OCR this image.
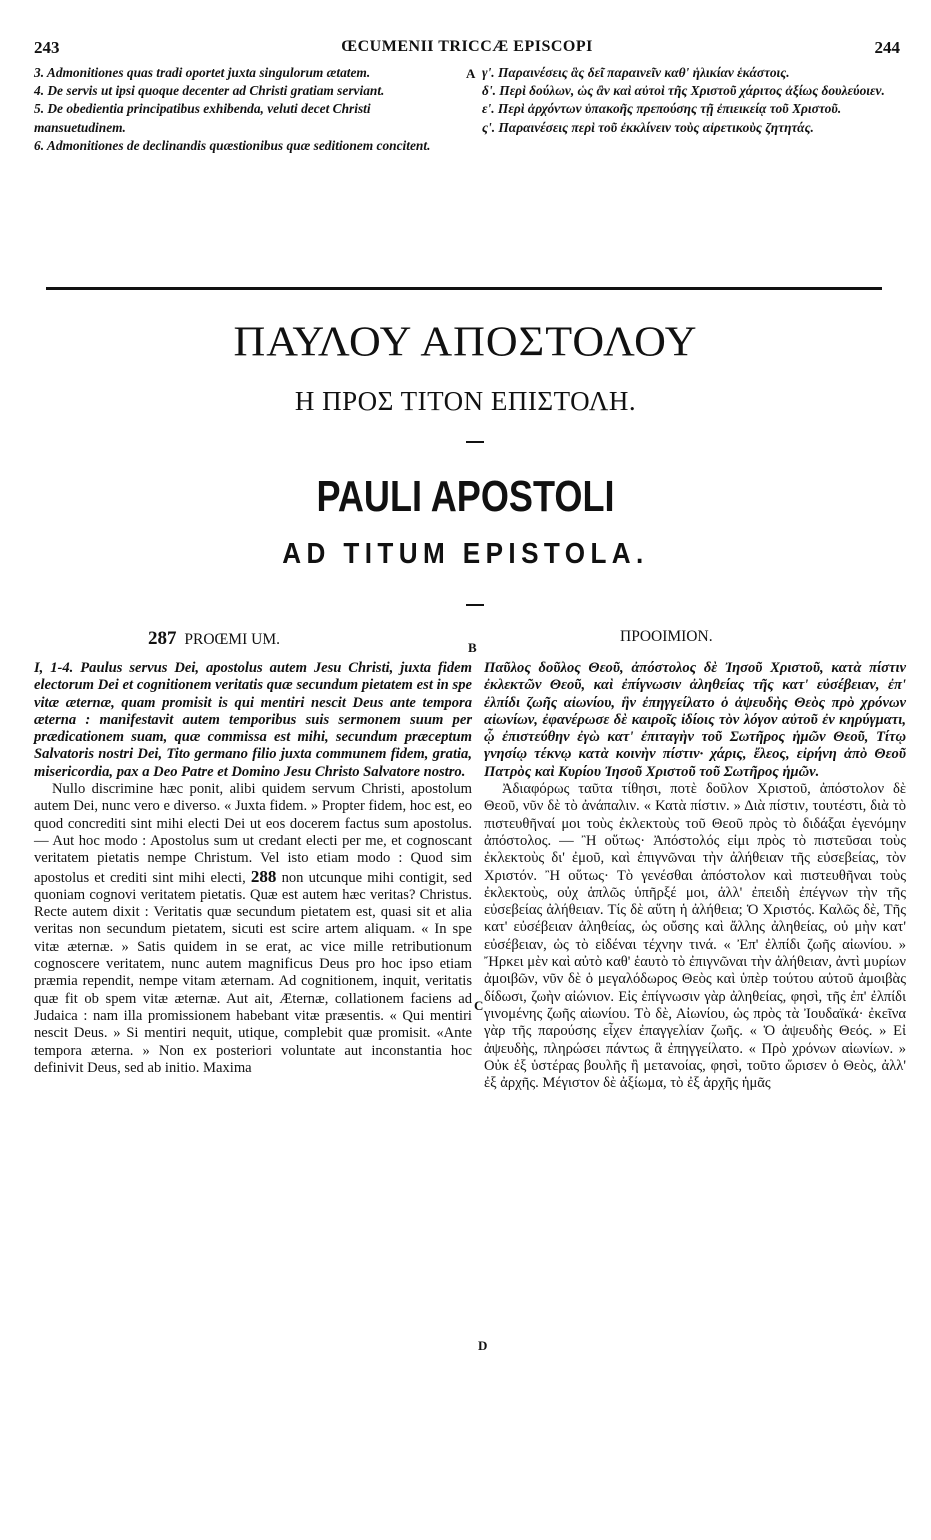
243	ŒCUMENII TRICCÆ EPISCOPI	244

3. Admonitiones quas tradi oportet juxta singulorum ætatem.

4. De servis ut ipsi quoque decenter ad Christi gratiam serviant.

5. De obedientia principatibus exhibenda, veluti decet Christi mansuetudinem.

6. Admonitiones de declinandis quæstionibus quæ seditionem concitent.

A γ'. Παραινέσεις ἃς δεῖ παραινεῖν καθ' ἡλικίαν ἑκάστοις.

δ'. Περὶ δούλων, ὡς ἂν καὶ αὐτοὶ τῆς Χριστοῦ χάριτος ἀξίως δουλεύοιεν.

ε'. Περὶ ἀρχόντων ὑπακοῆς πρεπούσης τῇ ἐπιεικείᾳ τοῦ Χριστοῦ.

ς'. Παραινέσεις περὶ τοῦ ἐκκλίνειν τοὺς αἱρετικοὺς ζητητάς.

ΠΑΥΛΟΥ ΑΠΟΣΤΟΛΟΥ
Η ΠΡΟΣ ΤΙΤΟΝ ΕΠΙΣΤΟΛΗ.
PAULI APOSTOLI
AD TITUM EPISTOLA.
287 PROŒMI UM.	B
ΠΡΟΟΙΜΙΟΝ.

I, 1-4. Paulus servus Dei, apostolus autem Jesu Christi, juxta fidem electorum Dei et cognitionem veritatis quæ secundum pietatem est in spe vitæ æternæ, quam promisit is qui mentiri nescit Deus ante tempora æterna : manifestavit autem temporibus suis sermonem suum per prædicationem suam, quæ commissa est mihi, secundum præceptum Salvatoris nostri Dei, Tito germano filio juxta communem fidem, gratia, misericordia, pax a Deo Patre et Domino Jesu Christo Salvatore nostro.

Nullo discrimine hæc ponit, alibi quidem servum Christi, apostolum autem Dei, nunc vero e diverso. « Juxta fidem. » Propter fidem, hoc est, eo quod concrediti sint mihi electi Dei ut eos docerem factus sum apostolus. — Aut hoc modo : Apostolus sum ut credant electi per me, et cognoscant veritatem pietatis nempe Christum. Vel isto etiam modo : Quod sim apostolus et crediti sint mihi electi, 288 non utcunque mihi contigit, sed quoniam cognovi veritatem pietatis. Quæ est autem hæc veritas? Christus. Recte autem dixit : Veritatis quæ secundum pietatem est, quasi sit et alia veritas non secundum pietatem, sicuti est scire artem aliquam. « In spe vitæ æternæ. » Satis quidem in se erat, ac vice mille retributionum cognoscere veritatem, nunc autem magnificus Deus pro hoc ipso etiam præmia rependit, nempe vitam æternam. Ad cognitionem, inquit, veritatis quæ fit ob spem vitæ æternæ. Aut ait, Æternæ, collationem faciens ad Judaica : nam illa promissionem habebant vitæ præsentis. « Qui mentiri nescit Deus. » Si mentiri nequit, utique, complebit quæ promisit. «Ante tempora æterna. » Non ex posteriori voluntate aut inconstantia hoc definivit Deus, sed ab initio. Maxima

C
D

Παῦλος δοῦλος Θεοῦ, ἀπόστολος δὲ Ἰησοῦ Χριστοῦ, κατὰ πίστιν ἐκλεκτῶν Θεοῦ, καὶ ἐπίγνωσιν ἀληθείας τῆς κατ' εὐσέβειαν, ἐπ' ἐλπίδι ζωῆς αἰωνίου, ἣν ἐπηγγείλατο ὁ ἀψευδὴς Θεὸς πρὸ χρόνων αἰωνίων, ἐφανέρωσε δὲ καιροῖς ἰδίοις τὸν λόγον αὐτοῦ ἐν κηρύγματι, ᾧ ἐπιστεύθην ἐγὼ κατ' ἐπιταγὴν τοῦ Σωτῆρος ἡμῶν Θεοῦ, Τίτῳ γνησίῳ τέκνῳ κατὰ κοινὴν πίστιν· χάρις, ἔλεος, εἰρήνη ἀπὸ Θεοῦ Πατρὸς καὶ Κυρίου Ἰησοῦ Χριστοῦ τοῦ Σωτῆρος ἡμῶν.

Ἀδιαφόρως ταῦτα τίθησι, ποτὲ δοῦλον Χριστοῦ, ἀπόστολον δὲ Θεοῦ, νῦν δὲ τὸ ἀνάπαλιν. « Κατὰ πίστιν. » Διὰ πίστιν, τουτέστι, διὰ τὸ πιστευθῆναί μοι τοὺς ἐκλεκτοὺς τοῦ Θεοῦ πρὸς τὸ διδάξαι ἐγενόμην ἀπόστολος. — Ἢ οὕτως· Ἀπόστολός εἰμι πρὸς τὸ πιστεῦσαι τοὺς ἐκλεκτοὺς δι' ἐμοῦ, καὶ ἐπιγνῶναι τὴν ἀλήθειαν τῆς εὐσεβείας, τὸν Χριστόν. Ἢ οὕτως· Τὸ γενέσθαι ἀπόστολον καὶ πιστευθῆναι τοὺς ἐκλεκτοὺς, οὐχ ἁπλῶς ὑπῆρξέ μοι, ἀλλ' ἐπειδὴ ἐπέγνων τὴν τῆς εὐσεβείας ἀλήθειαν. Τίς δὲ αὕτη ἡ ἀλήθεια; Ὁ Χριστός. Καλῶς δὲ, Τῆς κατ' εὐσέβειαν ἀληθείας, ὡς οὔσης καὶ ἄλλης ἀληθείας, οὐ μὴν κατ' εὐσέβειαν, ὡς τὸ εἰδέναι τέχνην τινά. « Ἐπ' ἐλπίδι ζωῆς αἰωνίου. » Ἤρκει μὲν καὶ αὐτὸ καθ' ἑαυτὸ τὸ ἐπιγνῶναι τὴν ἀλήθειαν, ἀντὶ μυρίων ἀμοιβῶν, νῦν δὲ ὁ μεγαλόδωρος Θεὸς καὶ ὑπὲρ τούτου αὐτοῦ ἀμοιβὰς δίδωσι, ζωὴν αἰώνιον. Εἰς ἐπίγνωσιν γὰρ ἀληθείας, φησὶ, τῆς ἐπ' ἐλπίδι γινομένης ζωῆς αἰωνίου. Τὸ δὲ, Αἰωνίου, ὡς πρὸς τὰ Ἰουδαϊκά· ἐκεῖνα γὰρ τῆς παρούσης εἶχεν ἐπαγγελίαν ζωῆς. « Ὁ ἀψευδὴς Θεός. » Εἰ ἀψευδὴς, πληρώσει πάντως ἃ ἐπηγγείλατο. « Πρὸ χρόνων αἰωνίων. » Οὐκ ἐξ ὑστέρας βουλῆς ἢ μετανοίας, φησὶ, τοῦτο ὥρισεν ὁ Θεὸς, ἀλλ' ἐξ ἀρχῆς. Μέγιστον δὲ ἀξίωμα, τὸ ἐξ ἀρχῆς ἡμᾶς
